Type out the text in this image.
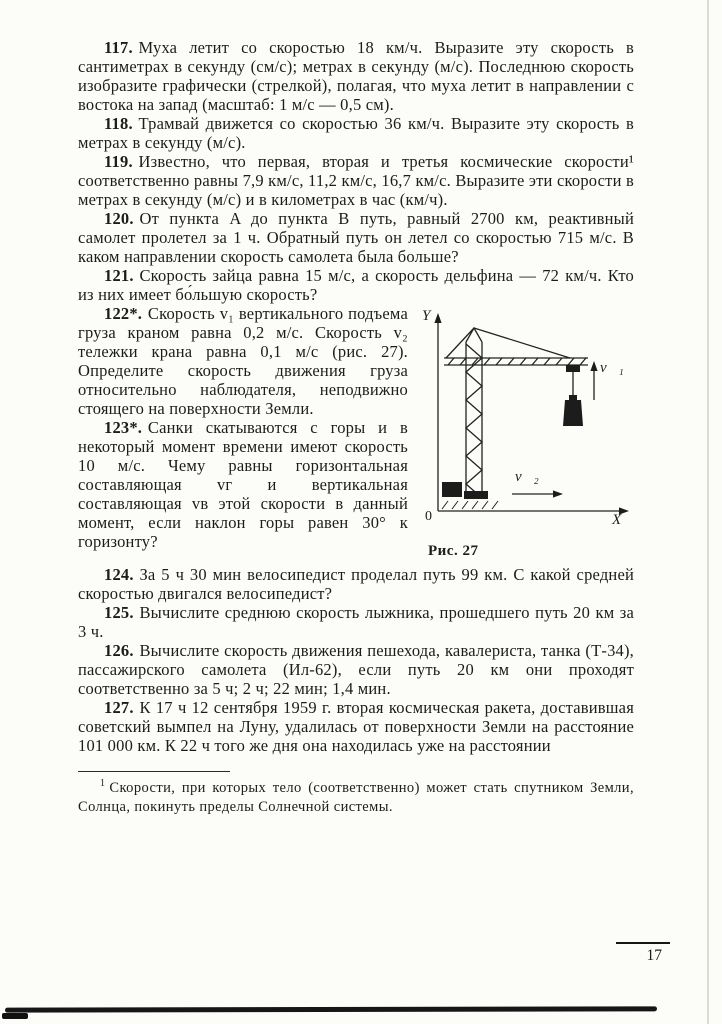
117. Муха летит со скоростью 18 км/ч. Выразите эту скорость в сантиметрах в секунду (см/с); метрах в секунду (м/с). Последнюю скорость изобразите графически (стрелкой), полагая, что муха летит в направлении с востока на запад (масштаб: 1 м/с — 0,5 см).

118. Трамвай движется со скоростью 36 км/ч. Выразите эту скорость в метрах в секунду (м/с).

119. Известно, что первая, вторая и третья космические скорости¹ соответственно равны 7,9 км/с, 11,2 км/с, 16,7 км/с. Выразите эти скорости в метрах в секунду (м/с) и в километрах в час (км/ч).

120. От пункта A до пункта B путь, равный 2700 км, реактивный самолет пролетел за 1 ч. Обратный путь он летел со скоростью 715 м/с. В каком направлении скорость самолета была больше?

121. Скорость зайца равна 15 м/с, а скорость дельфина — 72 км/ч. Кто из них имеет бо́льшую скорость?

Y
X
0
v⃗₁
v⃗₂
Рис. 27

122*. Скорость v₁ вертикального подъема груза краном равна 0,2 м/с. Скорость v₂ тележки крана равна 0,1 м/с (рис. 27). Определите скорость движения груза относительно наблюдателя, неподвижно стоящего на поверхности Земли.

123*. Санки скатываются с горы и в некоторый момент времени имеют скорость 10 м/с. Чему равны горизонтальная составляющая vг и вертикальная составляющая vв этой скорости в данный момент, если наклон горы равен 30° к горизонту?

124. За 5 ч 30 мин велосипедист проделал путь 99 км. С какой средней скоростью двигался велосипедист?

125. Вычислите среднюю скорость лыжника, прошедшего путь 20 км за 3 ч.

126. Вычислите скорость движения пешехода, кавалериста, танка (Т-34), пассажирского самолета (Ил-62), если путь 20 км они проходят соответственно за 5 ч; 2 ч; 22 мин; 1,4 мин.

127. К 17 ч 12 сентября 1959 г. вторая космическая ракета, доставившая советский вымпел на Луну, удалилась от поверхности Земли на расстояние 101 000 км. К 22 ч того же дня она находилась уже на расстоянии

$^1$ Скорости, при которых тело (соответственно) может стать спутником Земли, Солнца, покинуть пределы Солнечной системы.

17
